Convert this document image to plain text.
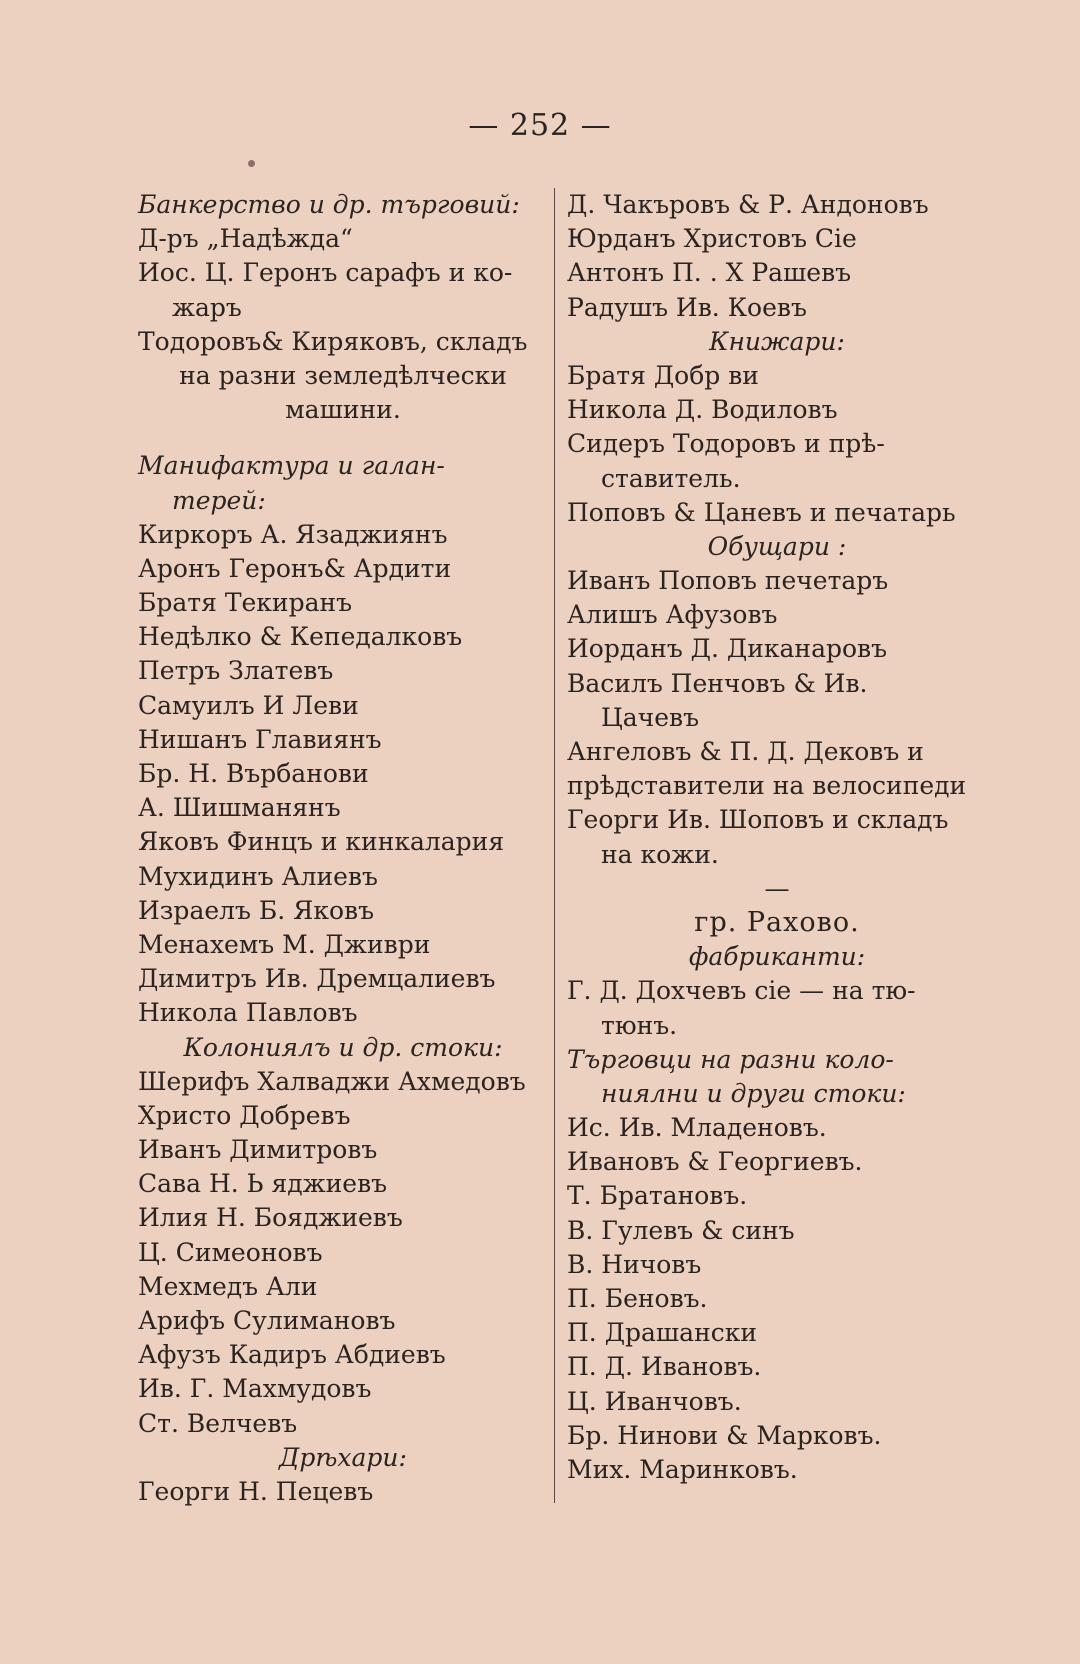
— 252 —
Банкерство и др. търговий:
Д-ръ „Надѣжда“
Иос. Ц. Геронъ сарафъ и ко-
жаръ
Тодоровъ& Киряковъ, складъ
на разни земледѣлчески
машини.
Манифактура и галан-
терей:
Киркоръ А. Язаджиянъ
Аронъ Геронъ& Ардити
Братя Текиранъ
Недѣлко & Кепедалковъ
Петръ Златевъ
Самуилъ И Леви
Нишанъ Главиянъ
Бр. Н. Върбанови
А. Шишманянъ
Яковъ Финцъ и кинкалария
Мухидинъ Алиевъ
Израелъ Б. Яковъ
Менахемъ М. Дживри
Димитръ Ив. Дремцалиевъ
Никола Павловъ
Колониялъ и др. стоки:
Шерифъ Халваджи Ахмедовъ
Христо Добревъ
Иванъ Димитровъ
Сава Н. Ь яджиевъ
Илия Н. Бояджиевъ
Ц. Симеоновъ
Мехмедъ Али
Арифъ Сулимановъ
Афузъ Кадиръ Абдиевъ
Ив. Г. Махмудовъ
Ст. Велчевъ
Дрѣхари:
Георги Н. Пецевъ
Д. Чакъровъ & Р. Андоновъ
Юрданъ Христовъ Cie
Антонъ П. . Х Рашевъ
Радушъ Ив. Коевъ
Книжари:
Братя Добр ви
Никола Д. Водиловъ
Сидеръ Тодоровъ и прѣ-
ставитель.
Поповъ & Цаневъ и печатарь
Обущари :
Иванъ Поповъ печетаръ
Алишъ Афузовъ
Иорданъ Д. Диканаровъ
Василъ Пенчовъ & Ив.
Цачевъ
Ангеловъ & П. Д. Дековъ и
прѣдставители на велосипеди
Георги Ив. Шоповъ и складъ
на кожи.
—
гр. Рахово.
фабриканти:
Г. Д. Дохчевъ cie — на тю-
тюнъ.
Търговци на разни коло-
ниялни и други стоки:
Ис. Ив. Младеновъ.
Ивановъ & Георгиевъ.
Т. Братановъ.
В. Гулевъ & синъ
В. Ничовъ
П. Беновъ.
П. Драшански
П. Д. Ивановъ.
Ц. Иванчовъ.
Бр. Нинови & Марковъ.
Мих. Маринковъ.
